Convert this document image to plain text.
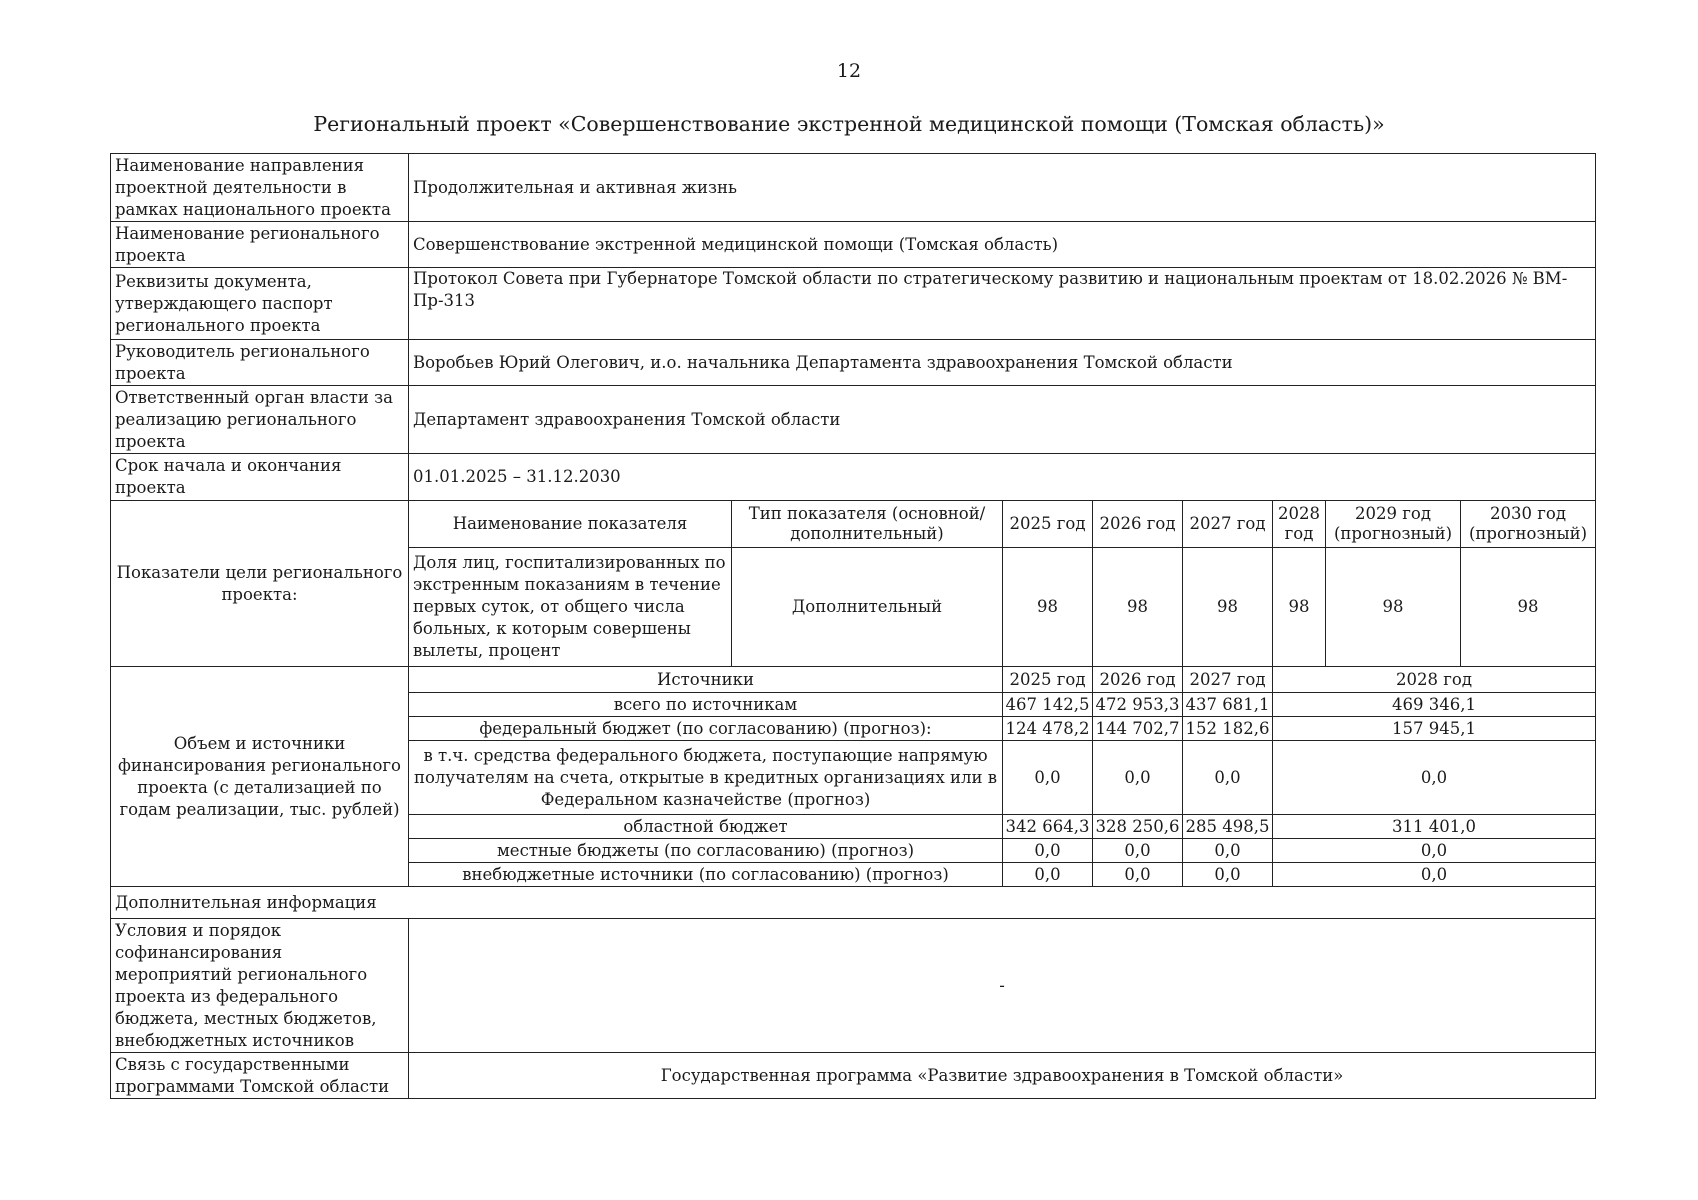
12
Региональный проект «Совершенствование экстренной медицинской помощи (Томская область)»
Наименование направления проектной деятельности в рамках национального проекта	Продолжительная и активная жизнь							
Наименование регионального проекта	Совершенствование экстренной медицинской помощи (Томская область)							
Реквизиты документа, утверждающего паспорт регионального проекта	Протокол Совета при Губернаторе Томской области по стратегическому развитию и национальным проектам от 18.02.2026 № ВМ-Пр-313							
Руководитель регионального проекта	Воробьев Юрий Олегович, и.о. начальника Департамента здравоохранения Томской области							
Ответственный орган власти за реализацию регионального проекта	Департамент здравоохранения Томской области							
Срок начала и окончания проекта	01.01.2025 – 31.12.2030							
Показатели цели регионального проекта:	Наименование показателя	Тип показателя (основной/дополнительный)	2025 год	2026 год	2027 год	2028 год	2029 год (прогнозный)	2030 год (прогнозный)
	Доля лиц, госпитализированных по экстренным показаниям в течение первых суток, от общего числа больных, к которым совершены вылеты, процент	Дополнительный	98	98	98	98	98	98
Объем и источники финансирования регионального проекта (с детализацией по годам реализации, тыс. рублей)	Источники		2025 год	2026 год	2027 год	2028 год		
	всего по источникам		467 142,5	472 953,3	437 681,1	469 346,1		
	федеральный бюджет (по согласованию) (прогноз):		124 478,2	144 702,7	152 182,6	157 945,1		
	в т.ч. средства федерального бюджета, поступающие напрямую получателям на счета, открытые в кредитных организациях или в Федеральном казначействе (прогноз)		0,0	0,0	0,0	0,0		
	областной бюджет		342 664,3	328 250,6	285 498,5	311 401,0		
	местные бюджеты (по согласованию) (прогноз)		0,0	0,0	0,0	0,0		
	внебюджетные источники (по согласованию) (прогноз)		0,0	0,0	0,0	0,0		

Дополнительная информация								
Условия и порядок софинансирования мероприятий регионального проекта из федерального бюджета, местных бюджетов, внебюджетных источников	-							
Связь с государственными программами Томской области	Государственная программа «Развитие здравоохранения в Томской области»							
